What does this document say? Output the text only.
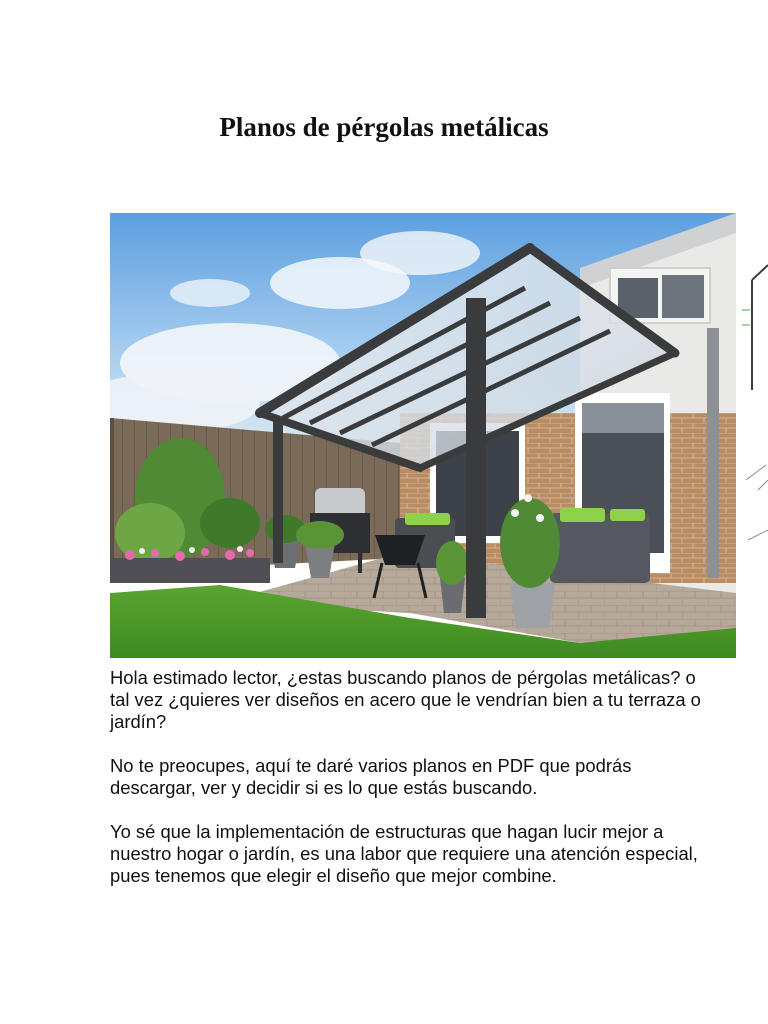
Planos de pérgolas metálicas

Hola estimado lector, ¿estas buscando planos de pérgolas metálicas? o tal vez ¿quieres ver diseños en acero que le vendrían bien a tu terraza o jardín?

No te preocupes, aquí te daré varios planos en PDF que podrás descargar, ver y decidir si es lo que estás buscando.

Yo sé que la implementación de estructuras que hagan lucir mejor a nuestro hogar o jardín, es una labor que requiere una atención especial, pues tenemos que elegir el diseño que mejor combine.
